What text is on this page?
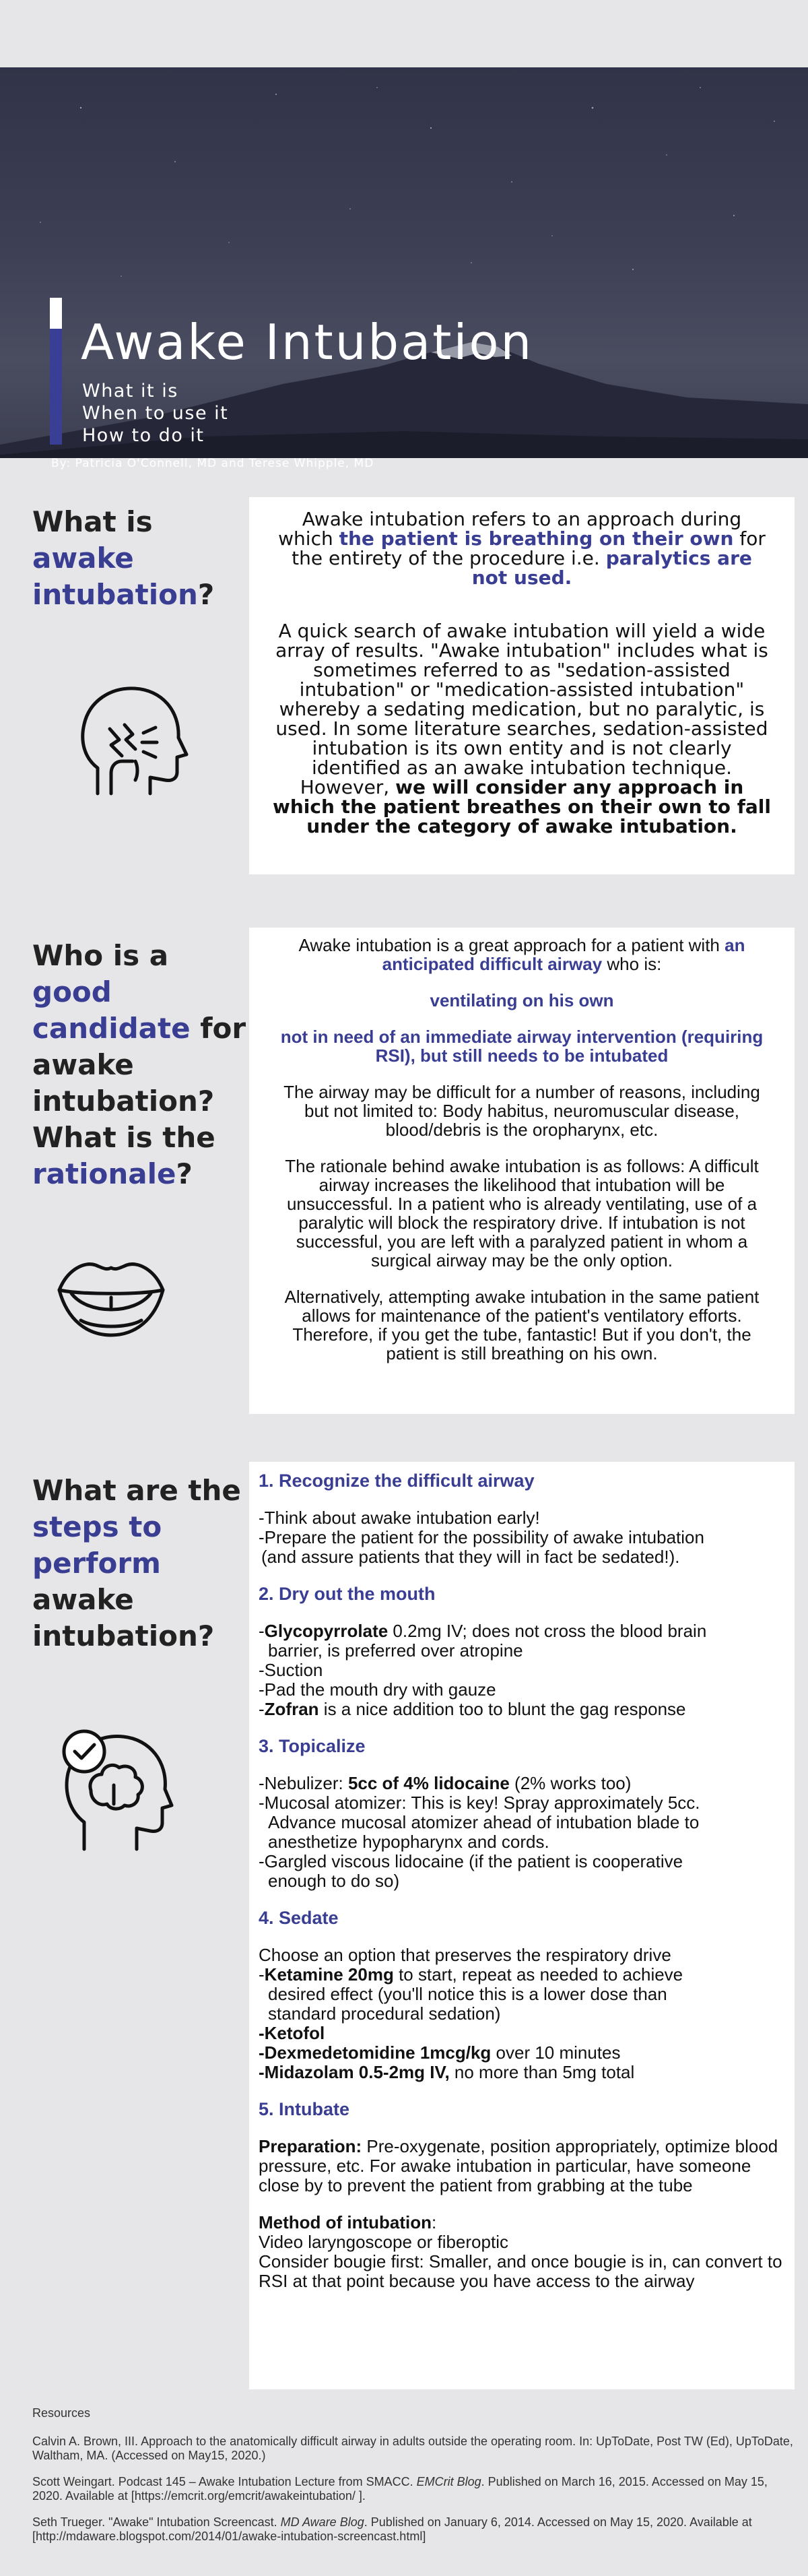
Awake Intubation
What it is
When to use it
How to do it
By: Patricia O'Connell, MD and Terese Whipple, MD
What is awake intubation?

Awake intubation refers to an approach during which the patient is breathing on their own for the entirety of the procedure i.e. paralytics are not used.

A quick search of awake intubation will yield a wide array of results. "Awake intubation" includes what is sometimes referred to as "sedation-assisted intubation" or "medication-assisted intubation" whereby a sedating medication, but no paralytic, is used. In some literature searches, sedation-assisted intubation is its own entity and is not clearly identified as an awake intubation technique. However, we will consider any approach in which the patient breathes on their own to fall under the category of awake intubation.

Who is a good candidate for awake intubation? What is the rationale?

Awake intubation is a great approach for a patient with an anticipated difficult airway who is:

ventilating on his own

not in need of an immediate airway intervention (requiring RSI), but still needs to be intubated

The airway may be difficult for a number of reasons, including but not limited to: Body habitus, neuromuscular disease, blood/debris is the oropharynx, etc.

The rationale behind awake intubation is as follows: A difficult airway increases the likelihood that intubation will be unsuccessful. In a patient who is already ventilating, use of a paralytic will block the respiratory drive. If intubation is not successful, you are left with a paralyzed patient in whom a surgical airway may be the only option.

Alternatively, attempting awake intubation in the same patient allows for maintenance of the patient's ventilatory efforts. Therefore, if you get the tube, fantastic! But if you don't, the patient is still breathing on his own.

What are the steps to perform awake intubation?
1. Recognize the difficult airway
-Think about awake intubation early!
-Prepare the patient for the possibility of awake intubation
(and assure patients that they will in fact be sedated!).
2. Dry out the mouth
-Glycopyrrolate 0.2mg IV; does not cross the blood brain
barrier, is preferred over atropine
-Suction
-Pad the mouth dry with gauze
-Zofran is a nice addition too to blunt the gag response
3. Topicalize
-Nebulizer: 5cc of 4% lidocaine (2% works too)
-Mucosal atomizer: This is key! Spray approximately 5cc.
Advance mucosal atomizer ahead of intubation blade to
anesthetize hypopharynx and cords.
-Gargled viscous lidocaine (if the patient is cooperative
enough to do so)
4. Sedate
Choose an option that preserves the respiratory drive
-Ketamine 20mg to start, repeat as needed to achieve
desired effect (you'll notice this is a lower dose than
standard procedural sedation)
-Ketofol
-Dexmedetomidine 1mcg/kg over 10 minutes
-Midazolam 0.5-2mg IV, no more than 5mg total
5. Intubate
Preparation: Pre-oxygenate, position appropriately, optimize blood pressure, etc. For awake intubation in particular, have someone close by to prevent the patient from grabbing at the tube
Method of intubation:
Video laryngoscope or fiberoptic
Consider bougie first: Smaller, and once bougie is in, can convert to RSI at that point because you have access to the airway
Resources
Calvin A. Brown, III. Approach to the anatomically difficult airway in adults outside the operating room. In: UpToDate, Post TW (Ed), UpToDate, Waltham, MA. (Accessed on May15, 2020.)
Scott Weingart. Podcast 145 – Awake Intubation Lecture from SMACC. EMCrit Blog. Published on March 16, 2015. Accessed on May 15, 2020. Available at [https://emcrit.org/emcrit/awakeintubation/ ].
Seth Trueger. "Awake" Intubation Screencast. MD Aware Blog. Published on January 6, 2014. Accessed on May 15, 2020. Available at [http://mdaware.blogspot.com/2014/01/awake-intubation-screencast.html]
